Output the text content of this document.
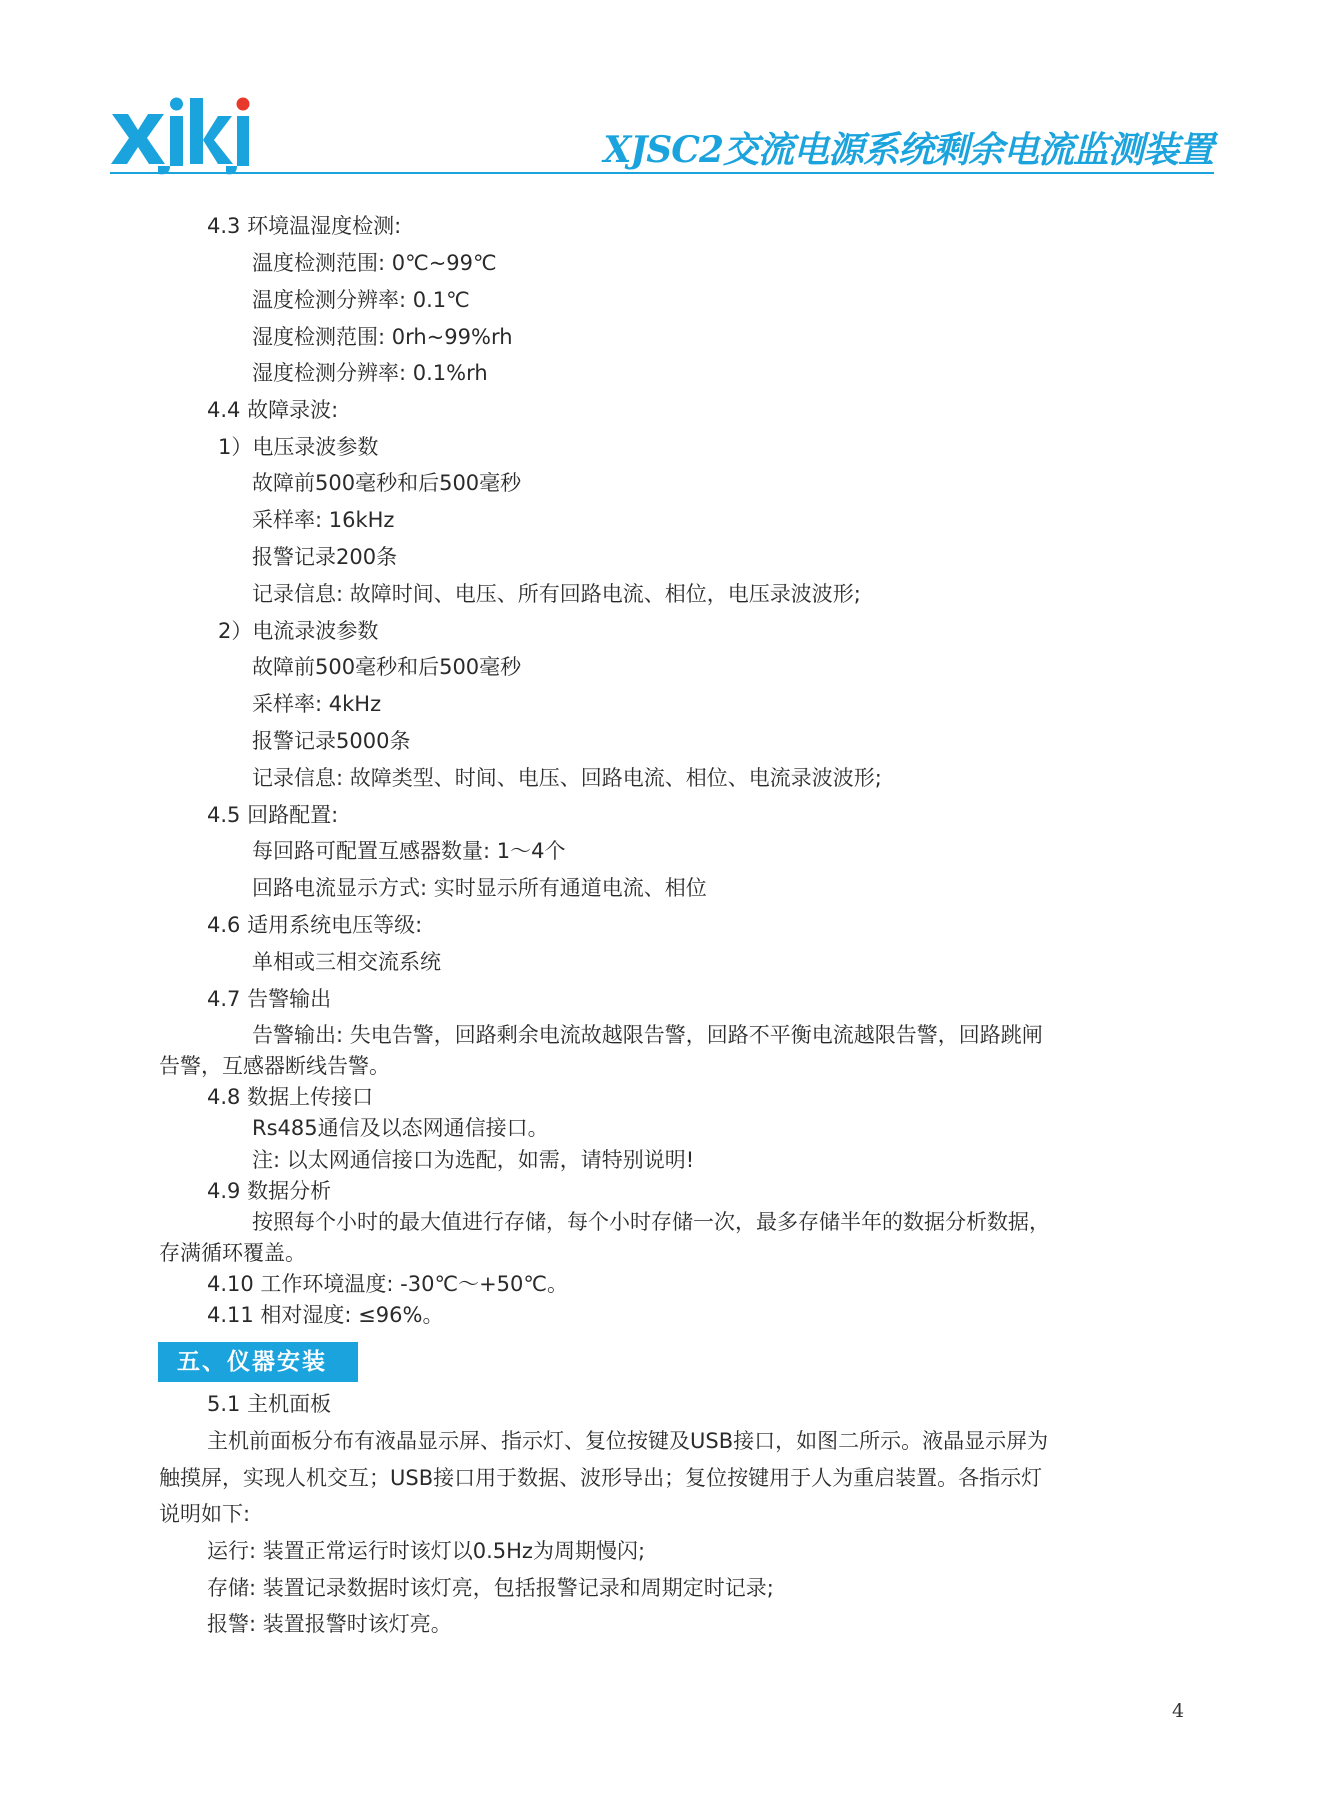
XJSC2交流电源系统剩余电流监测装置
4.3 环境温湿度检测:
温度检测范围: 0℃~99℃
温度检测分辨率: 0.1℃
湿度检测范围: 0rh~99%rh
湿度检测分辨率: 0.1%rh
4.4 故障录波:
1）电压录波参数
故障前500毫秒和后500毫秒
采样率: 16kHz
报警记录200条
记录信息: 故障时间、电压、所有回路电流、相位，电压录波波形;
2）电流录波参数
故障前500毫秒和后500毫秒
采样率: 4kHz
报警记录5000条
记录信息: 故障类型、时间、电压、回路电流、相位、电流录波波形;
4.5 回路配置:
每回路可配置互感器数量: 1～4个
回路电流显示方式: 实时显示所有通道电流、相位
4.6 适用系统电压等级:
单相或三相交流系统
4.7 告警输出
告警输出: 失电告警，回路剩余电流故越限告警，回路不平衡电流越限告警，回路跳闸
告警，互感器断线告警。
4.8 数据上传接口
Rs485通信及以态网通信接口。
注: 以太网通信接口为选配，如需，请特别说明!
4.9 数据分析
按照每个小时的最大值进行存储，每个小时存储一次，最多存储半年的数据分析数据，
存满循环覆盖。
4.10 工作环境温度: -30℃～+50℃。
4.11 相对湿度: ≤96%。
5.1 主机面板
主机前面板分布有液晶显示屏、指示灯、复位按键及USB接口，如图二所示。液晶显示屏为
触摸屏，实现人机交互；USB接口用于数据、波形导出；复位按键用于人为重启装置。各指示灯
说明如下:
运行: 装置正常运行时该灯以0.5Hz为周期慢闪;
存储: 装置记录数据时该灯亮，包括报警记录和周期定时记录;
报警: 装置报警时该灯亮。
五、仪器安装
4
